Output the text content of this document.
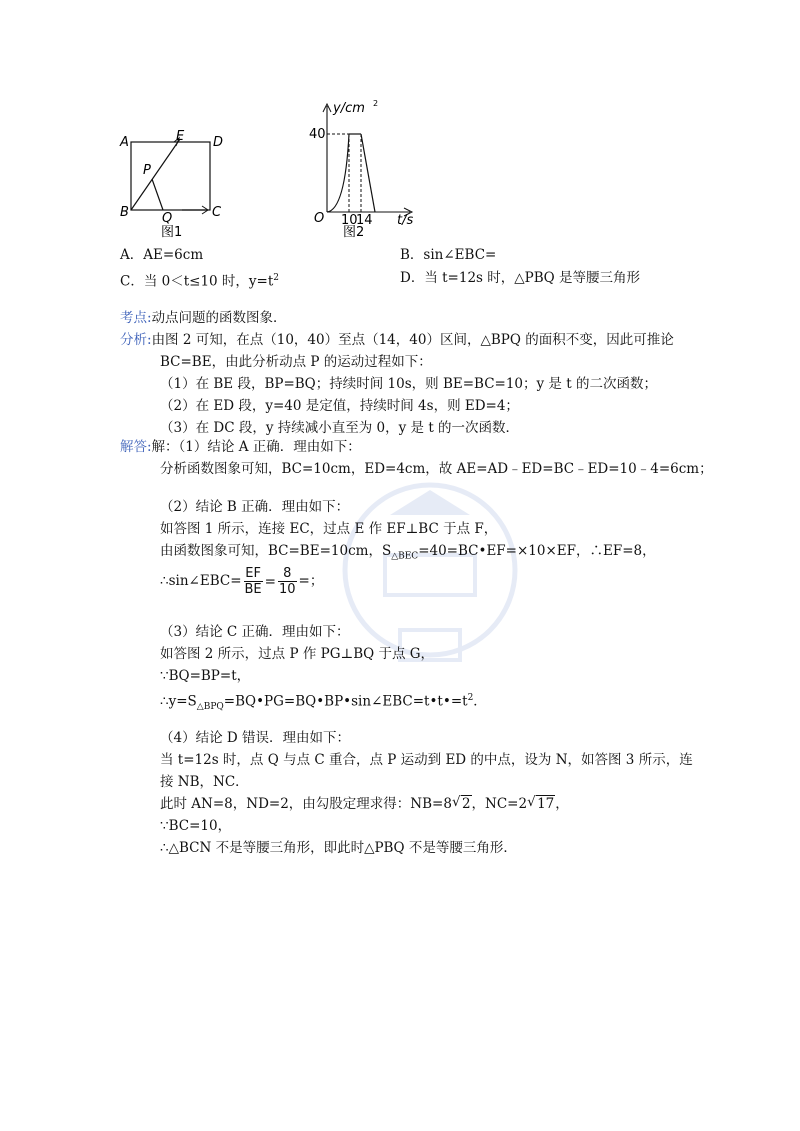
A	E D
P
B	Q	C
图1
y/cm 2
40
O 10
14 t/s
图2
A．AE=6cm	B．sin∠EBC=
C．当 0＜t≤10 时，$y=t^2$	D．当 t=12s 时，△PBQ 是等腰三角形
考点:动点问题的函数图象．
分析:由图 2 可知，在点（10，40）至点（14，40）区间，△BPQ 的面积不变，因此可推论
BC=BE，由此分析动点 P 的运动过程如下：
（1）在 BE 段，BP=BQ；持续时间 10s，则 BE=BC=10；y 是 t 的二次函数；
（2）在 ED 段，y=40 是定值，持续时间 4s，则 ED=4；
（3）在 DC 段，y 持续减小直至为 0，y 是 t 的一次函数．
解答:解：（1）结论 A 正确．理由如下：
分析函数图象可知，BC=10cm，ED=4cm，故 AE=AD﹣ED=BC﹣ED=10﹣4=6cm；
（2）结论 B 正确．理由如下：
如答图 1 所示，连接 EC，过点 E 作 EF⊥BC 于点 F，
由函数图象可知，BC=BE=10cm，$S_{\triangle BEC}=40=BC•EF=\times 10\times EF$，∴EF=8，
∴sin∠EBC= $\frac{EF}{BE} = \frac{8}{10}$ =；
（3）结论 C 正确．理由如下：
如答图 2 所示，过点 P 作 PG⊥BQ 于点 G，
∵BQ=BP=t，
$\therefore y=S_{\triangle BPQ}=BQ•PG=BQ•BP•\sin\angle EBC=t•t•=t^2$．
（4）结论 D 错误．理由如下：
当 t=12s 时，点 Q 与点 C 重合，点 P 运动到 ED 的中点，设为 N，如答图 3 所示，连
接 NB，NC．
此时 AN=8，ND=2，由勾股定理求得：NB=8 √ 2，NC=2 √ 17，
∵BC=10，
∴△BCN 不是等腰三角形，即此时△PBQ 不是等腰三角形．
